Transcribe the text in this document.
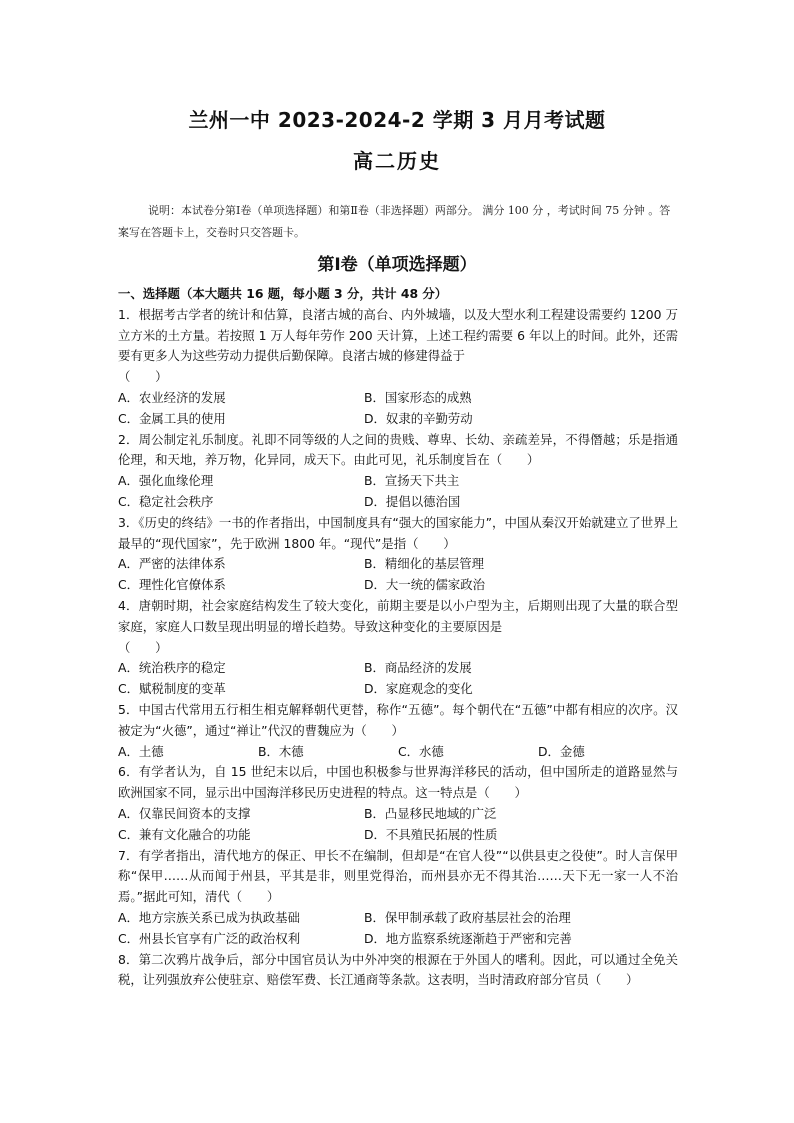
兰州一中 2023-2024-2 学期 3 月月考试题
高二历史
说明：本试卷分第Ⅰ卷（单项选择题）和第Ⅱ卷（非选择题）两部分。 满分 100 分 ，考试时间 75 分钟 。答案写在答题卡上，交卷时只交答题卡。
第Ⅰ卷（单项选择题）
一、选择题（本大题共 16 题，每小题 3 分，共计 48 分）

1．根据考古学者的统计和估算，良渚古城的高台、内外城墙，以及大型水利工程建设需要约 1200 万立方米的土方量。若按照 1 万人每年劳作 200 天计算，上述工程约需要 6 年以上的时间。此外，还需要有更多人为这些劳动力提供后勤保障。良渚古城的修建得益于

（　　）

A．农业经济的发展	B．国家形态的成熟
C．金属工具的使用	D．奴隶的辛勤劳动

2．周公制定礼乐制度。礼即不同等级的人之间的贵贱、尊卑、长幼、亲疏差异，不得僭越；乐是指通伦理，和天地，养万物，化异同，成天下。由此可见，礼乐制度旨在（　　）

A．强化血缘伦理	B．宣扬天下共主
C．稳定社会秩序	D．提倡以德治国

3．《历史的终结》一书的作者指出，中国制度具有“强大的国家能力”，中国从秦汉开始就建立了世界上最早的“现代国家”，先于欧洲 1800 年。“现代”是指（　　）

A．严密的法律体系	B．精细化的基层管理
C．理性化官僚体系	D．大一统的儒家政治

4．唐朝时期，社会家庭结构发生了较大变化，前期主要是以小户型为主，后期则出现了大量的联合型家庭，家庭人口数呈现出明显的增长趋势。导致这种变化的主要原因是

（　　）

A．统治秩序的稳定	B．商品经济的发展
C．赋税制度的变革	D．家庭观念的变化

5．中国古代常用五行相生相克解释朝代更替，称作“五德”。每个朝代在“五德”中都有相应的次序。汉被定为“火德”，通过“禅让”代汉的曹魏应为（　　）

A．土德	B．木德	C．水德	D．金德

6．有学者认为，自 15 世纪末以后，中国也积极参与世界海洋移民的活动，但中国所走的道路显然与欧洲国家不同，显示出中国海洋移民历史进程的特点。这一特点是（　　）

A．仅靠民间资本的支撑	B．凸显移民地域的广泛
C．兼有文化融合的功能	D．不具殖民拓展的性质

7．有学者指出，清代地方的保正、甲长不在编制，但却是“在官人役”“以供县吏之役使”。时人言保甲称“保甲……从而闻于州县，平其是非，则里党得治，而州县亦无不得其治……天下无一家一人不治焉。”据此可知，清代（　　）

A．地方宗族关系已成为执政基础	B．保甲制承载了政府基层社会的治理
C．州县长官享有广泛的政治权利	D．地方监察系统逐渐趋于严密和完善

8．第二次鸦片战争后，部分中国官员认为中外冲突的根源在于外国人的嗜利。因此，可以通过全免关税，让列强放弃公使驻京、赔偿军费、长江通商等条款。这表明，当时清政府部分官员（　　）
